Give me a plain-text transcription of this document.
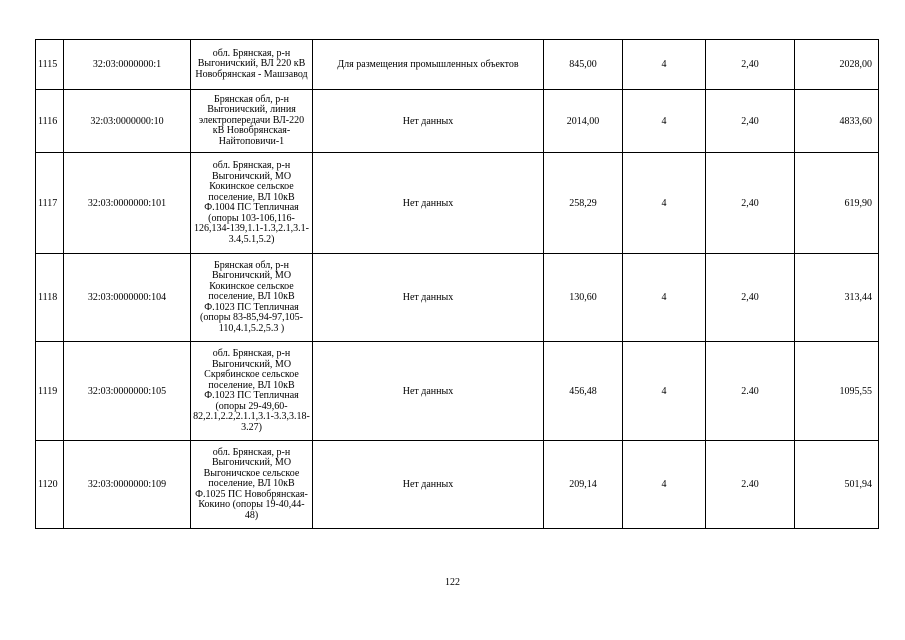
1115	32:03:0000000:1	обл. Брянская, р-н Выгоничский, ВЛ 220 кВ Новобрянская - Машзавод	Для размещения промышленных объектов	845,00	4	2,40	2028,00
1116	32:03:0000000:10	Брянская обл, р-н Выгоничский, линия электропередачи ВЛ-220 кВ Новобрянская-Найтоповичи-1	Нет данных	2014,00	4	2,40	4833,60
1117	32:03:0000000:101	обл. Брянская, р-н Выгоничский, МО Кокинское сельское поселение, ВЛ 10кВ Ф.1004 ПС Тепличная (опоры 103-106,116-126,134-139,1.1-1.3,2.1,3.1-3.4,5.1,5.2)	Нет данных	258,29	4	2,40	619,90
1118	32:03:0000000:104	Брянская обл, р-н Выгоничский, МО Кокинское сельское поселение, ВЛ 10кВ Ф.1023 ПС Тепличная (опоры 83-85,94-97,105-110,4.1,5.2,5.3 )	Нет данных	130,60	4	2,40	313,44
1119	32:03:0000000:105	обл. Брянская, р-н Выгоничский, МО Скрябинское сельское поселение, ВЛ 10кВ Ф.1023 ПС Тепличная (опоры 29-49,60-82,2.1,2.2,2.1.1,3.1-3.3,3.18-3.27)	Нет данных	456,48	4	2.40	1095,55
1120	32:03:0000000:109	обл. Брянская, р-н Выгоничский, МО Выгоничское сельское поселение, ВЛ 10кВ Ф.1025 ПС Новобрянская-Кокино (опоры 19-40,44-48)	Нет данных	209,14	4	2.40	501,94
122
